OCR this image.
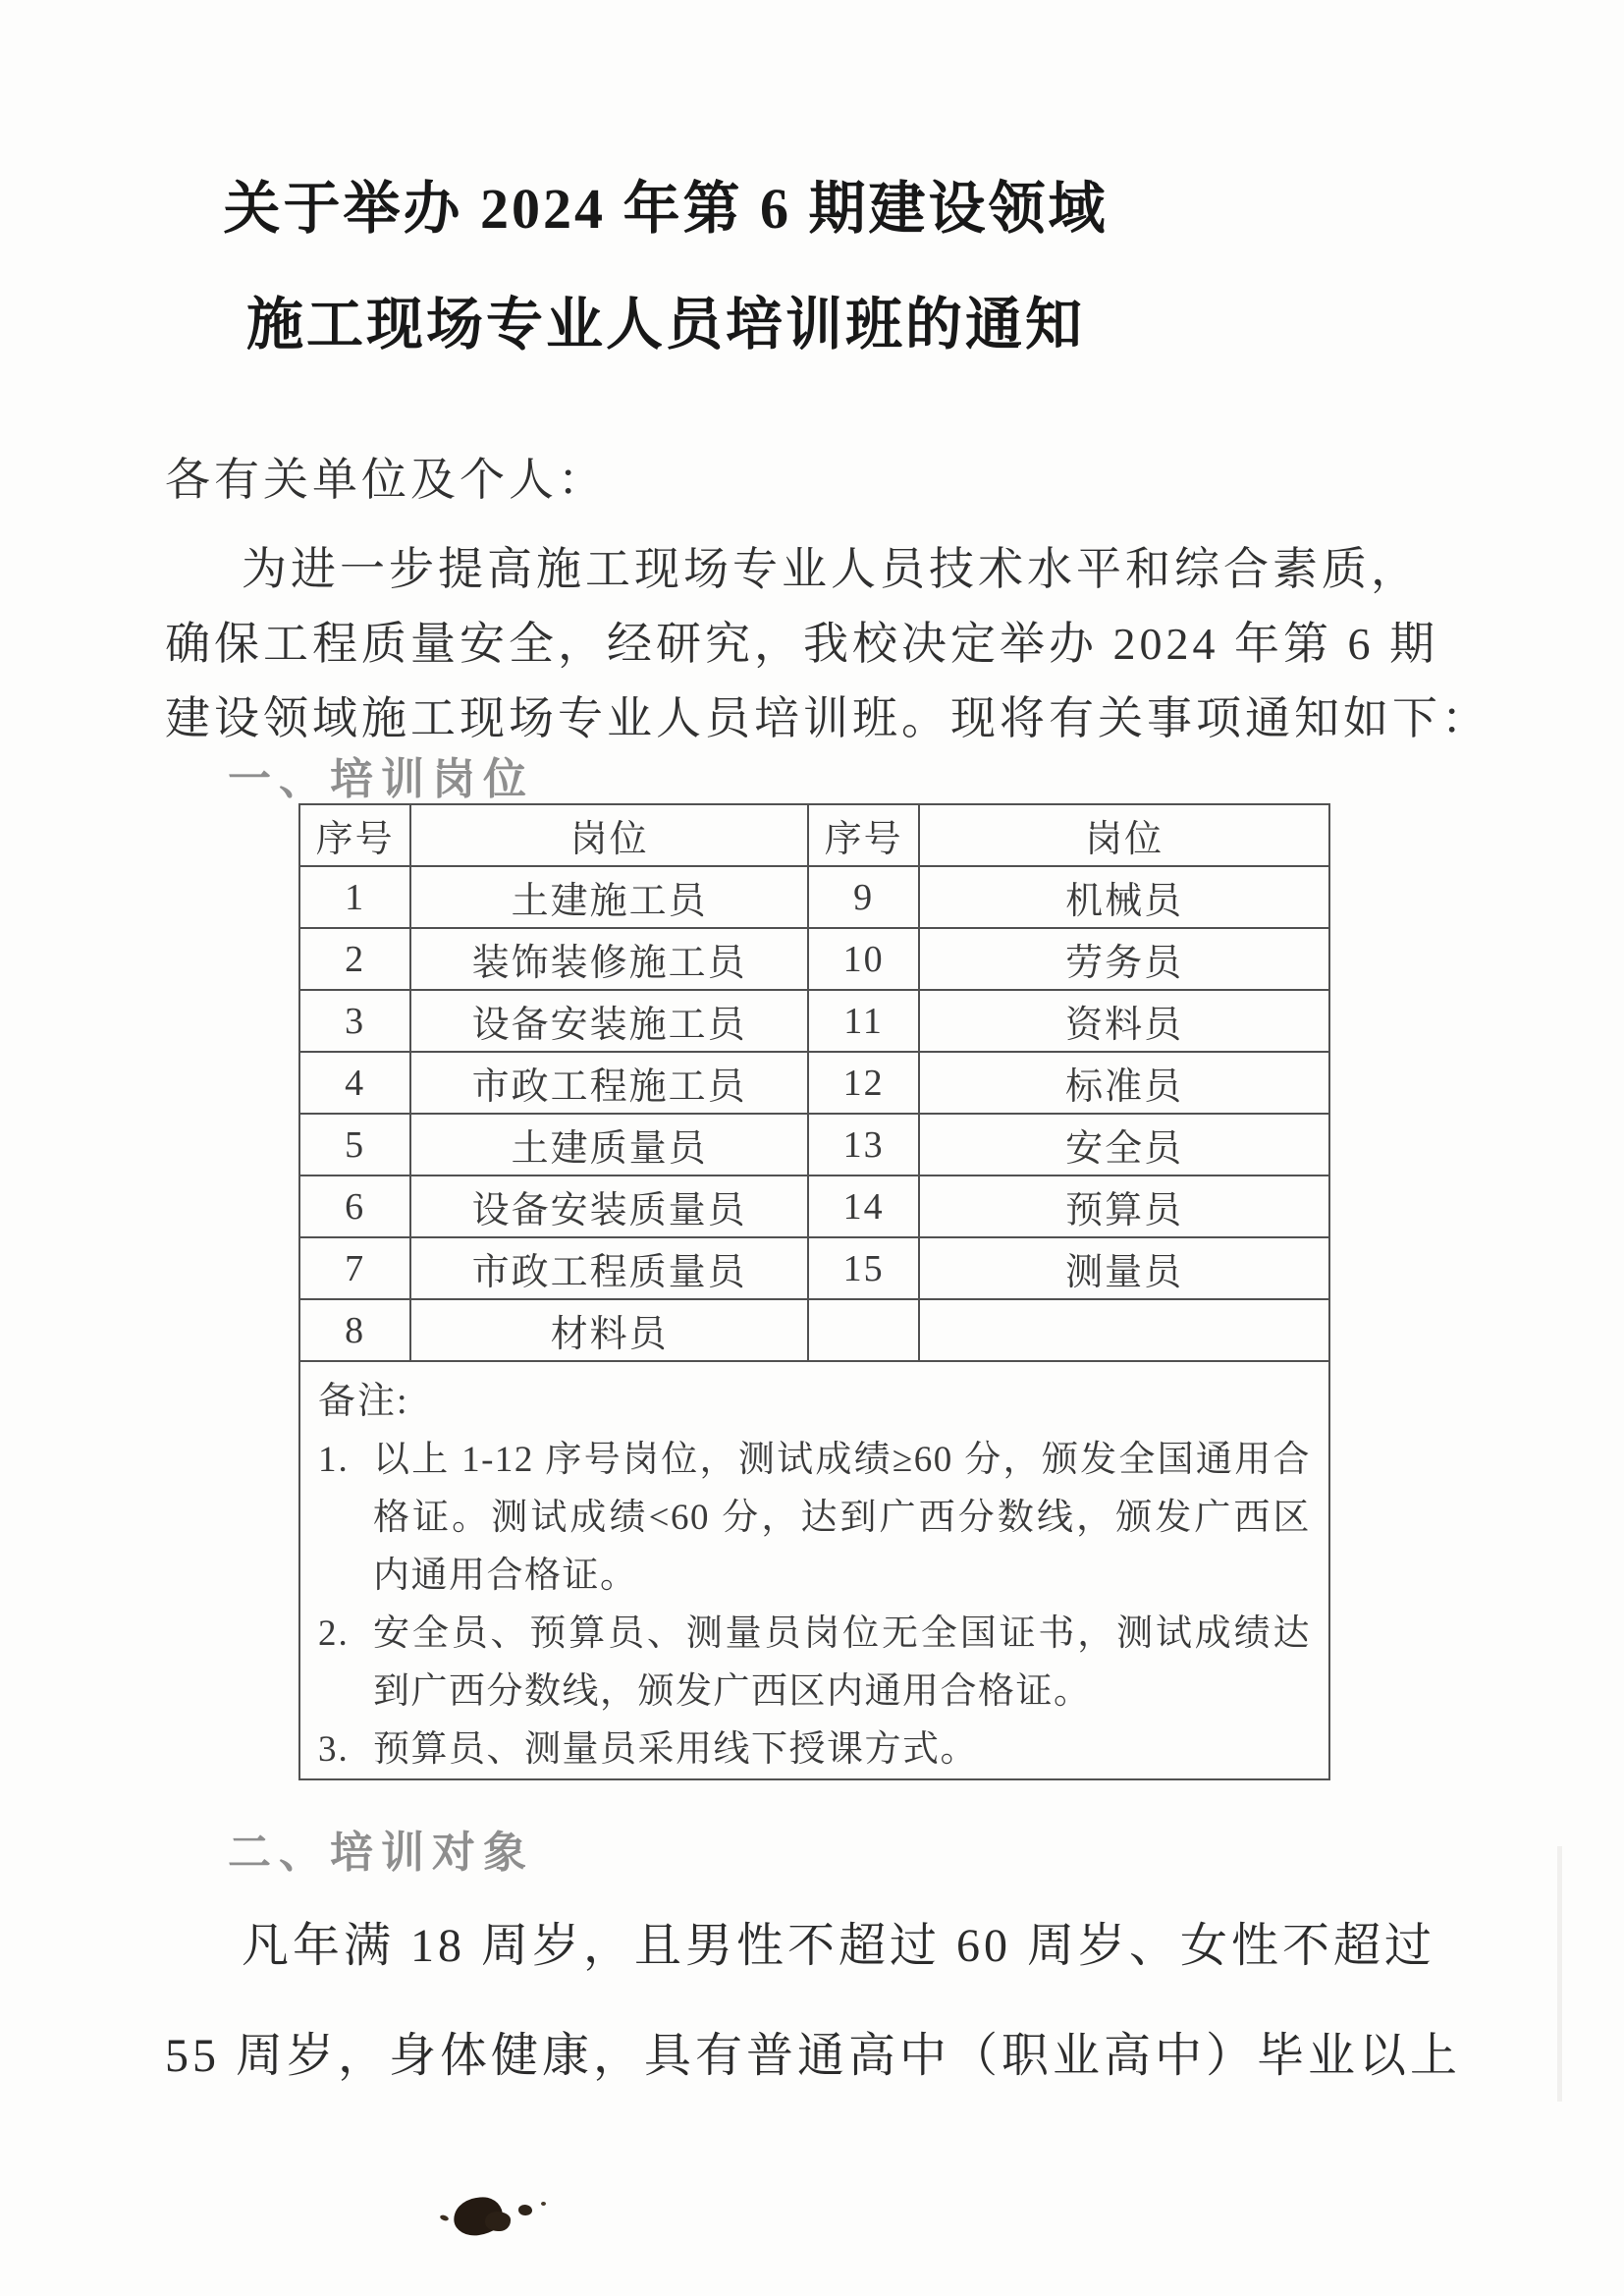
关于举办 2024 年第 6 期建设领域
施工现场专业人员培训班的通知
各有关单位及个人：
为进一步提高施工现场专业人员技术水平和综合素质，
确保工程质量安全，经研究，我校决定举办 2024 年第 6 期
建设领域施工现场专业人员培训班。现将有关事项通知如下：
一、培训岗位
序号	岗位	序号	岗位
1	土建施工员	9	机械员
2	装饰装修施工员	10	劳务员
3	设备安装施工员	11	资料员
4	市政工程施工员	12	标准员
5	土建质量员	13	安全员
6	设备安装质量员	14	预算员
7	市政工程质量员	15	测量员
8	材料员		

备注:
1. 以上 1-12 序号岗位，测试成绩≥60 分，颁发全国通用合格证。测试成绩<60 分，达到广西分数线，颁发广西区内通用合格证。
2. 安全员、预算员、测量员岗位无全国证书，测试成绩达到广西分数线，颁发广西区内通用合格证。
3. 预算员、测量员采用线下授课方式。
二、培训对象
凡年满 18 周岁，且男性不超过 60 周岁、女性不超过
55 周岁，身体健康，具有普通高中（职业高中）毕业以上
